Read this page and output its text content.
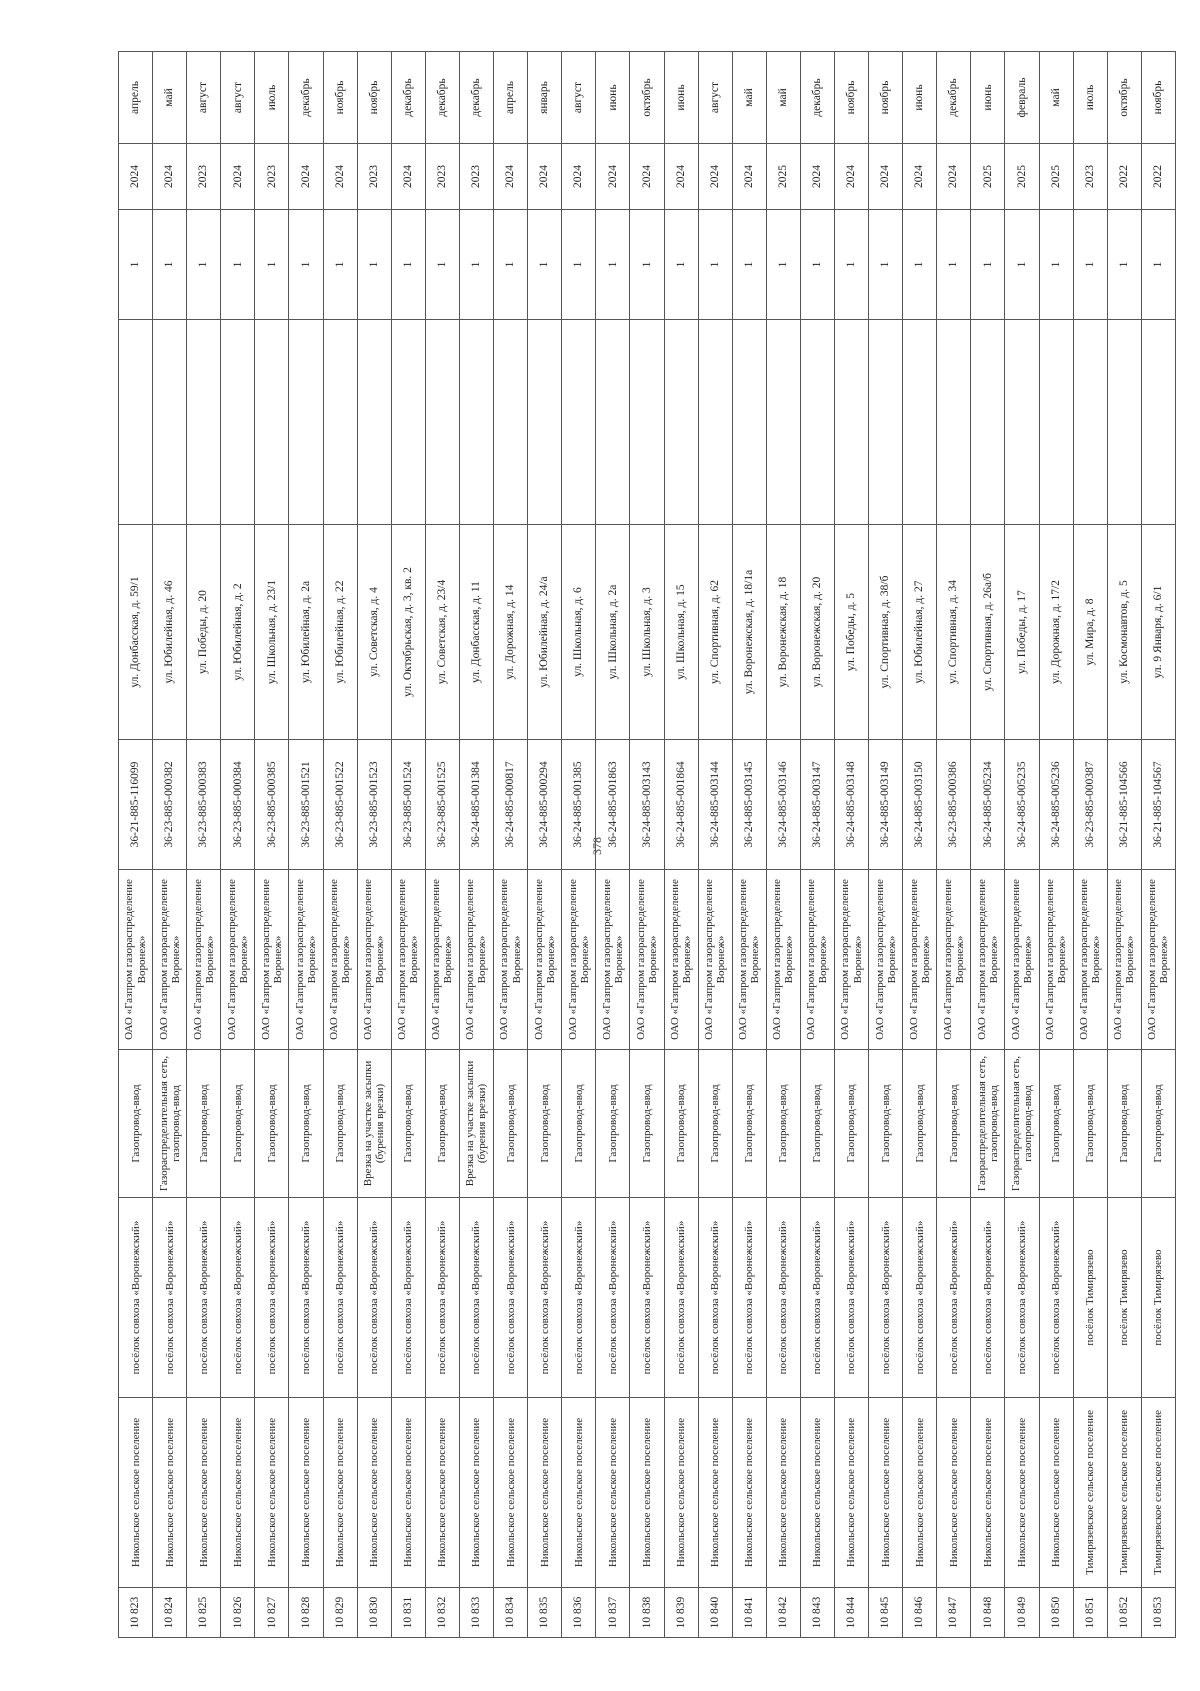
378
10 823	Никольское сельское поселение	посёлок совхоза «Воронежский»	Газопровод-ввод	ОАО «Газпром газораспределение Воронеж»	36-21-885-116099	ул. Донбасская, д. 59/1		1	2024	апрель
10 824	Никольское сельское поселение	посёлок совхоза «Воронежский»	Газораспределительная сеть, газопровод-ввод	ОАО «Газпром газораспределение Воронеж»	36-23-885-000382	ул. Юбилейная, д. 46		1	2024	май
10 825	Никольское сельское поселение	посёлок совхоза «Воронежский»	Газопровод-ввод	ОАО «Газпром газораспределение Воронеж»	36-23-885-000383	ул. Победы, д. 20		1	2023	август
10 826	Никольское сельское поселение	посёлок совхоза «Воронежский»	Газопровод-ввод	ОАО «Газпром газораспределение Воронеж»	36-23-885-000384	ул. Юбилейная, д. 2		1	2024	август
10 827	Никольское сельское поселение	посёлок совхоза «Воронежский»	Газопровод-ввод	ОАО «Газпром газораспределение Воронеж»	36-23-885-000385	ул. Школьная, д. 23/1		1	2023	июль
10 828	Никольское сельское поселение	посёлок совхоза «Воронежский»	Газопровод-ввод	ОАО «Газпром газораспределение Воронеж»	36-23-885-001521	ул. Юбилейная, д. 2а		1	2024	декабрь
10 829	Никольское сельское поселение	посёлок совхоза «Воронежский»	Газопровод-ввод	ОАО «Газпром газораспределение Воронеж»	36-23-885-001522	ул. Юбилейная, д. 22		1	2024	ноябрь
10 830	Никольское сельское поселение	посёлок совхоза «Воронежский»	Врезка на участке засыпки (бурения врезки)	ОАО «Газпром газораспределение Воронеж»	36-23-885-001523	ул. Советская, д. 4		1	2023	ноябрь
10 831	Никольское сельское поселение	посёлок совхоза «Воронежский»	Газопровод-ввод	ОАО «Газпром газораспределение Воронеж»	36-23-885-001524	ул. Октябрьская, д. 3, кв. 2		1	2024	декабрь
10 832	Никольское сельское поселение	посёлок совхоза «Воронежский»	Газопровод-ввод	ОАО «Газпром газораспределение Воронеж»	36-23-885-001525	ул. Советская, д. 23/4		1	2023	декабрь
10 833	Никольское сельское поселение	посёлок совхоза «Воронежский»	Врезка на участке засыпки (бурения врезки)	ОАО «Газпром газораспределение Воронеж»	36-24-885-001384	ул. Донбасская, д. 11		1	2023	декабрь
10 834	Никольское сельское поселение	посёлок совхоза «Воронежский»	Газопровод-ввод	ОАО «Газпром газораспределение Воронеж»	36-24-885-000817	ул. Дорожная, д. 14		1	2024	апрель
10 835	Никольское сельское поселение	посёлок совхоза «Воронежский»	Газопровод-ввод	ОАО «Газпром газораспределение Воронеж»	36-24-885-000294	ул. Юбилейная, д. 24/а		1	2024	январь
10 836	Никольское сельское поселение	посёлок совхоза «Воронежский»	Газопровод-ввод	ОАО «Газпром газораспределение Воронеж»	36-24-885-001385	ул. Школьная, д. 6		1	2024	август
10 837	Никольское сельское поселение	посёлок совхоза «Воронежский»	Газопровод-ввод	ОАО «Газпром газораспределение Воронеж»	36-24-885-001863	ул. Школьная, д. 2а		1	2024	июнь
10 838	Никольское сельское поселение	посёлок совхоза «Воронежский»	Газопровод-ввод	ОАО «Газпром газораспределение Воронеж»	36-24-885-003143	ул. Школьная, д. 3		1	2024	октябрь
10 839	Никольское сельское поселение	посёлок совхоза «Воронежский»	Газопровод-ввод	ОАО «Газпром газораспределение Воронеж»	36-24-885-001864	ул. Школьная, д. 15		1	2024	июнь
10 840	Никольское сельское поселение	посёлок совхоза «Воронежский»	Газопровод-ввод	ОАО «Газпром газораспределение Воронеж»	36-24-885-003144	ул. Спортивная, д. 62		1	2024	август
10 841	Никольское сельское поселение	посёлок совхоза «Воронежский»	Газопровод-ввод	ОАО «Газпром газораспределение Воронеж»	36-24-885-003145	ул. Воронежская, д. 18/1а		1	2024	май
10 842	Никольское сельское поселение	посёлок совхоза «Воронежский»	Газопровод-ввод	ОАО «Газпром газораспределение Воронеж»	36-24-885-003146	ул. Воронежская, д. 18		1	2025	май
10 843	Никольское сельское поселение	посёлок совхоза «Воронежский»	Газопровод-ввод	ОАО «Газпром газораспределение Воронеж»	36-24-885-003147	ул. Воронежская, д. 20		1	2024	декабрь
10 844	Никольское сельское поселение	посёлок совхоза «Воронежский»	Газопровод-ввод	ОАО «Газпром газораспределение Воронеж»	36-24-885-003148	ул. Победы, д. 5		1	2024	ноябрь
10 845	Никольское сельское поселение	посёлок совхоза «Воронежский»	Газопровод-ввод	ОАО «Газпром газораспределение Воронеж»	36-24-885-003149	ул. Спортивная, д. 38/б		1	2024	ноябрь
10 846	Никольское сельское поселение	посёлок совхоза «Воронежский»	Газопровод-ввод	ОАО «Газпром газораспределение Воронеж»	36-24-885-003150	ул. Юбилейная, д. 27		1	2024	июнь
10 847	Никольское сельское поселение	посёлок совхоза «Воронежский»	Газопровод-ввод	ОАО «Газпром газораспределение Воронеж»	36-23-885-000386	ул. Спортивная, д. 34		1	2024	декабрь
10 848	Никольское сельское поселение	посёлок совхоза «Воронежский»	Газораспределительная сеть, газопровод-ввод	ОАО «Газпром газораспределение Воронеж»	36-24-885-005234	ул. Спортивная, д. 26а/б		1	2025	июнь
10 849	Никольское сельское поселение	посёлок совхоза «Воронежский»	Газораспределительная сеть, газопровод-ввод	ОАО «Газпром газораспределение Воронеж»	36-24-885-005235	ул. Победы, д. 17		1	2025	февраль
10 850	Никольское сельское поселение	посёлок совхоза «Воронежский»	Газопровод-ввод	ОАО «Газпром газораспределение Воронеж»	36-24-885-005236	ул. Дорожная, д. 17/2		1	2025	май
10 851	Тимирязевское сельское поселение	посёлок Тимирязево	Газопровод-ввод	ОАО «Газпром газораспределение Воронеж»	36-23-885-000387	ул. Мира, д. 8		1	2023	июль
10 852	Тимирязевское сельское поселение	посёлок Тимирязево	Газопровод-ввод	ОАО «Газпром газораспределение Воронеж»	36-21-885-104566	ул. Космонавтов, д. 5		1	2022	октябрь
10 853	Тимирязевское сельское поселение	посёлок Тимирязево	Газопровод-ввод	ОАО «Газпром газораспределение Воронеж»	36-21-885-104567	ул. 9 Января, д. 6/1		1	2022	ноябрь
